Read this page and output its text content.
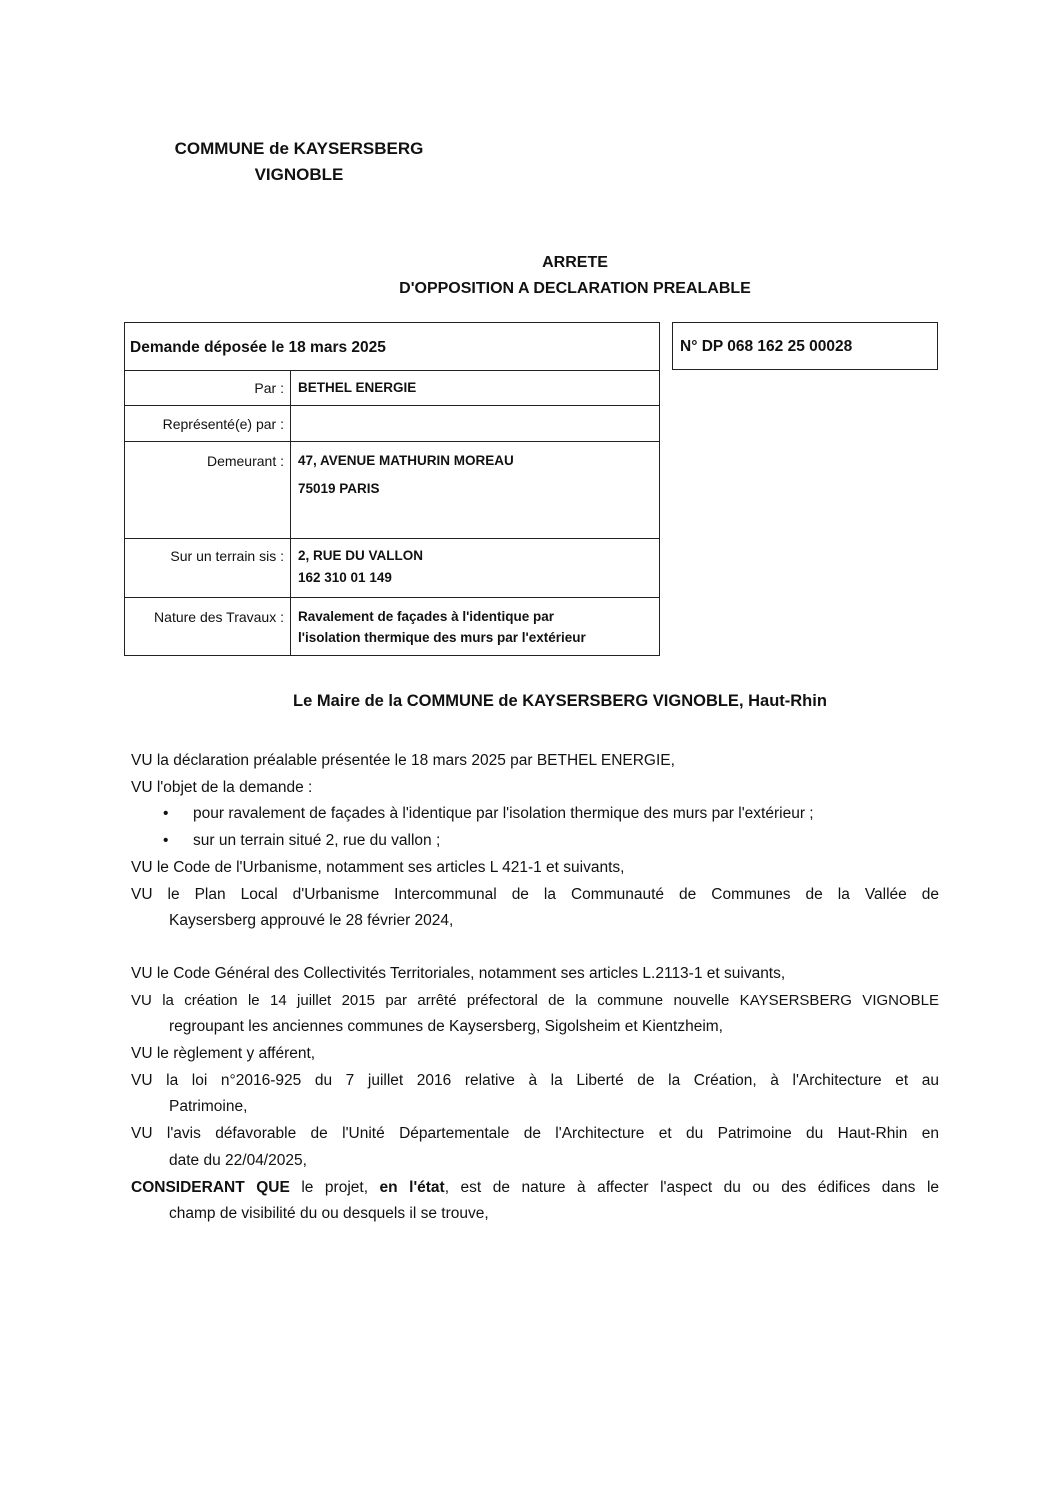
COMMUNE de KAYSERSBERG
VIGNOBLE
ARRETE
D'OPPOSITION A DECLARATION PREALABLE
Demande déposée le 18 mars 2025
Par : BETHEL ENERGIE
Représenté(e) par :
Demeurant : 47, AVENUE MATHURIN MOREAU
75019 PARIS
Sur un terrain sis : 2, RUE DU VALLON
162 310 01 149
Nature des Travaux : Ravalement de façades à l'identique par
l'isolation thermique des murs par l'extérieur
N° DP 068 162 25 00028
Le Maire de la COMMUNE de KAYSERSBERG VIGNOBLE, Haut-Rhin

VU la déclaration préalable présentée le 18 mars 2025 par BETHEL ENERGIE,

VU l'objet de la demande :

• pour ravalement de façades à l'identique par l'isolation thermique des murs par l'extérieur ;

• sur un terrain situé 2, rue du vallon ;

VU le Code de l'Urbanisme, notamment ses articles L 421-1 et suivants,

VU le Plan Local d'Urbanisme Intercommunal de la Communauté de Communes de la Vallée de

Kaysersberg approuvé le 28 février 2024,

VU le Code Général des Collectivités Territoriales, notamment ses articles L.2113-1 et suivants,

VU la création le 14 juillet 2015 par arrêté préfectoral de la commune nouvelle KAYSERSBERG VIGNOBLE

regroupant les anciennes communes de Kaysersberg, Sigolsheim et Kientzheim,

VU le règlement y afférent,

VU la loi n°2016-925 du 7 juillet 2016 relative à la Liberté de la Création, à l'Architecture et au

Patrimoine,

VU l'avis défavorable de l'Unité Départementale de l'Architecture et du Patrimoine du Haut-Rhin en

date du 22/04/2025,

CONSIDERANT QUE le projet, en l'état, est de nature à affecter l'aspect du ou des édifices dans le

champ de visibilité du ou desquels il se trouve,
